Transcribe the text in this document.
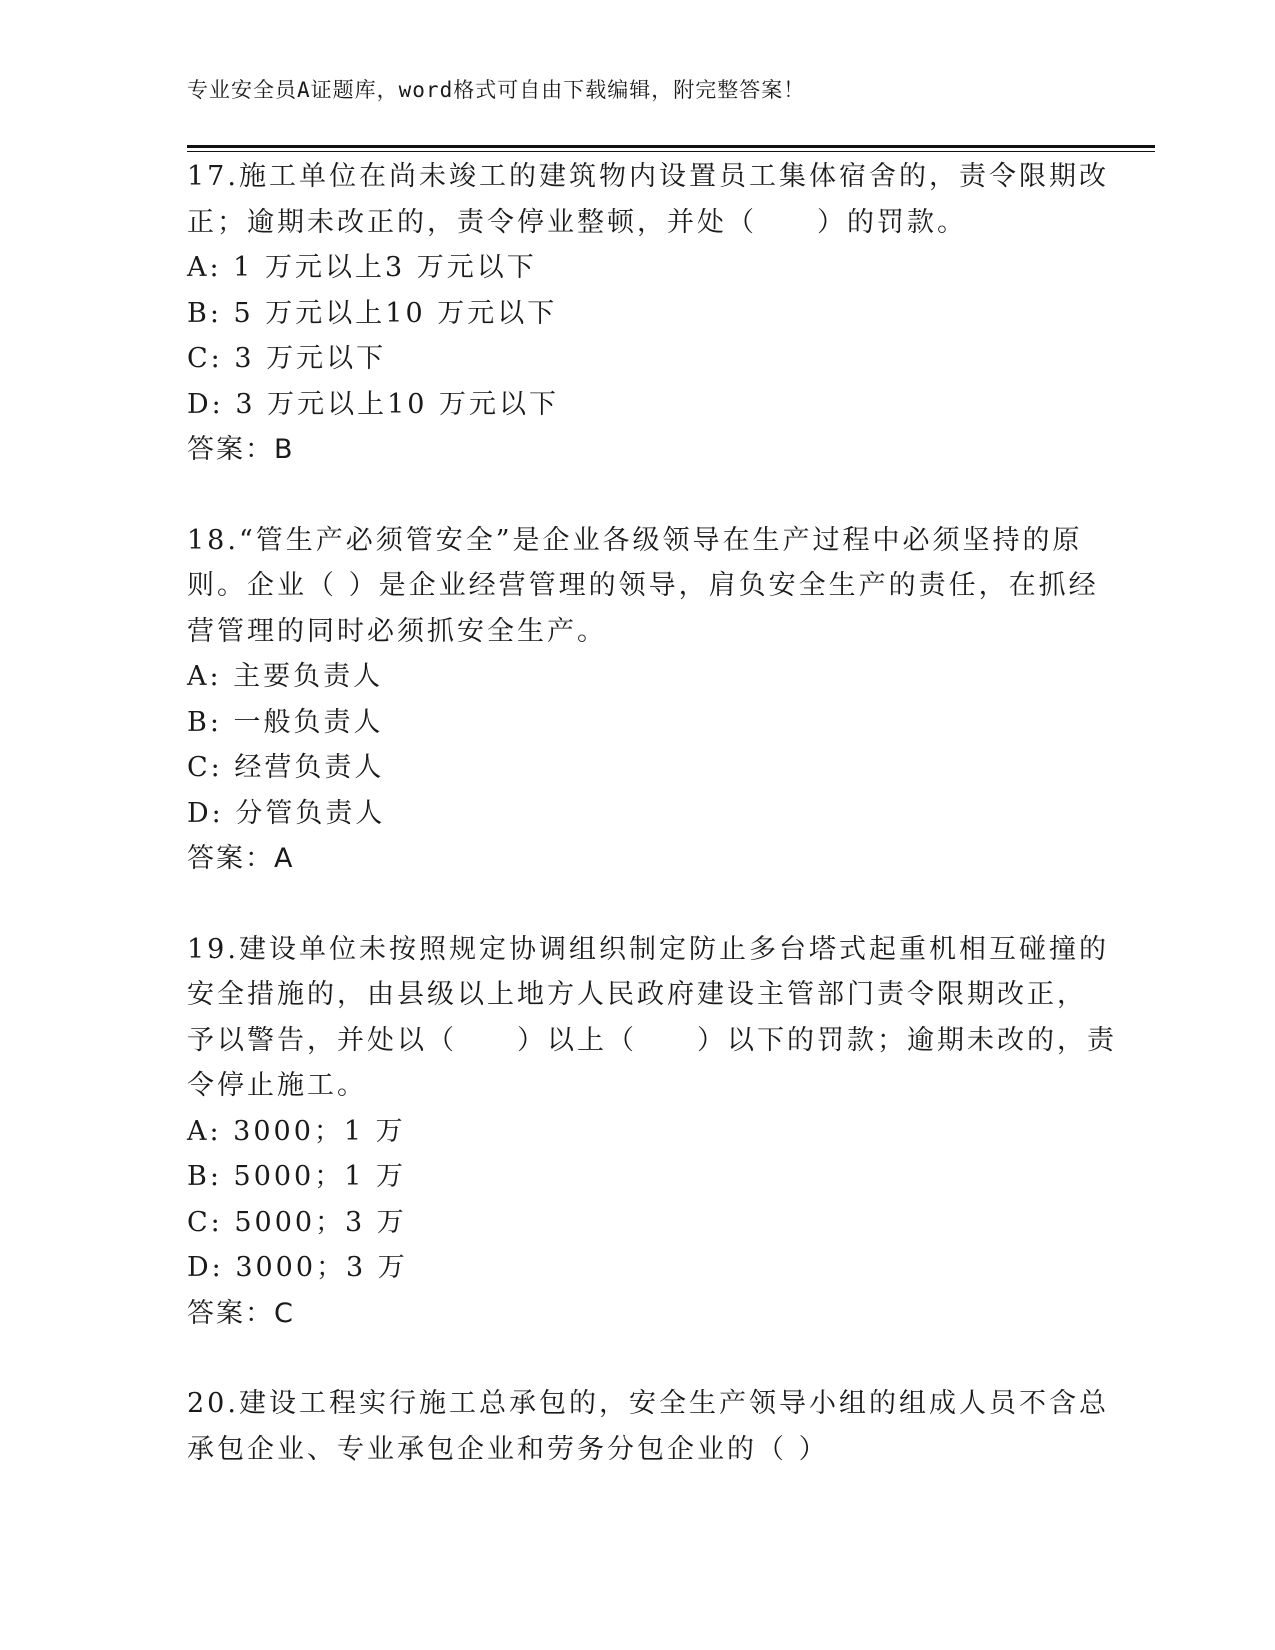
专业安全员A证题库，word格式可自由下载编辑，附完整答案！
17.施工单位在尚未竣工的建筑物内设置员工集体宿舍的，责令限期改
正；逾期未改正的，责令停业整顿，并处（　　）的罚款。
A: 1 万元以上3 万元以下
B: 5 万元以上10 万元以下
C: 3 万元以下
D: 3 万元以上10 万元以下
答案：B
18.“管生产必须管安全”是企业各级领导在生产过程中必须坚持的原
则。企业（ ）是企业经营管理的领导，肩负安全生产的责任，在抓经
营管理的同时必须抓安全生产。
A: 主要负责人
B: 一般负责人
C: 经营负责人
D: 分管负责人
答案：A
19.建设单位未按照规定协调组织制定防止多台塔式起重机相互碰撞的
安全措施的，由县级以上地方人民政府建设主管部门责令限期改正，
予以警告，并处以（　　）以上（　　）以下的罚款；逾期未改的，责
令停止施工。
A: 3000；1 万
B: 5000；1 万
C: 5000；3 万
D: 3000；3 万
答案：C
20.建设工程实行施工总承包的，安全生产领导小组的组成人员不含总
承包企业、专业承包企业和劳务分包企业的（ ）
